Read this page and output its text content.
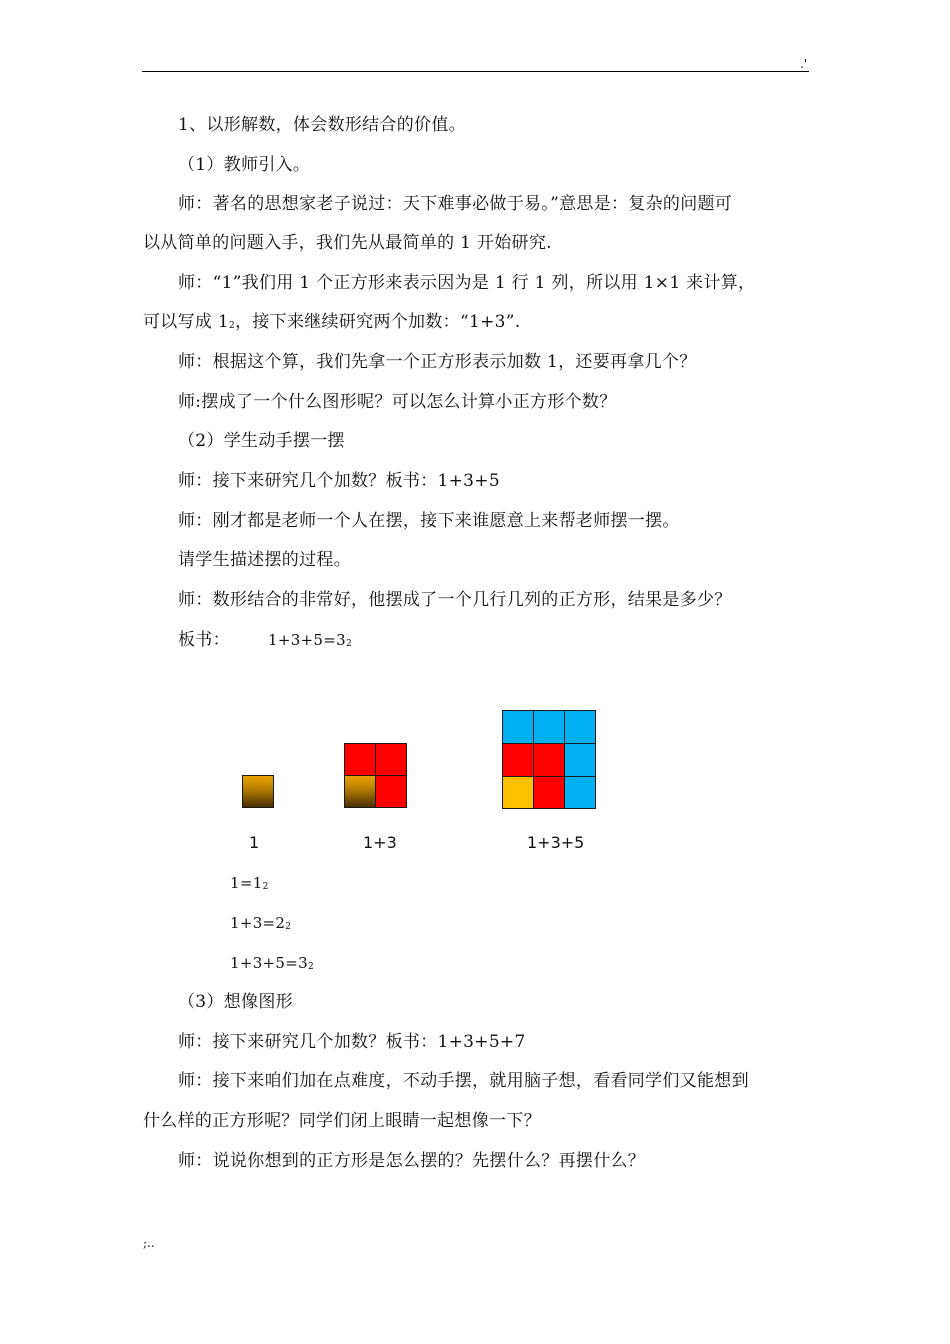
.'
1、以形解数，体会数形结合的价值。
（1）教师引入。
师：著名的思想家老子说过：天下难事必做于易。”意思是：复杂的问题可
以从简单的问题入手，我们先从最简单的 1 开始研究.
师：“1”我们用 1 个正方形来表示因为是 1 行 1 列，所以用 1×1 来计算，
可以写成 12，接下来继续研究两个加数：“1+3”.
师：根据这个算，我们先拿一个正方形表示加数 1，还要再拿几个？
师:摆成了一个什么图形呢？可以怎么计算小正方形个数？
（2）学生动手摆一摆
师：接下来研究几个加数？板书：1+3+5
师：刚才都是老师一个人在摆，接下来谁愿意上来帮老师摆一摆。
请学生描述摆的过程。
师：数形结合的非常好，他摆成了一个几行几列的正方形，结果是多少？
板书：	1+3+5=32
1	1+3	1+3+5
1=12
1+3=22
1+3+5=32
（3）想像图形
师：接下来研究几个加数？板书：1+3+5+7
师：接下来咱们加在点难度，不动手摆，就用脑子想，看看同学们又能想到
什么样的正方形呢？同学们闭上眼睛一起想像一下？
师：说说你想到的正方形是怎么摆的？先摆什么？再摆什么？
;..
